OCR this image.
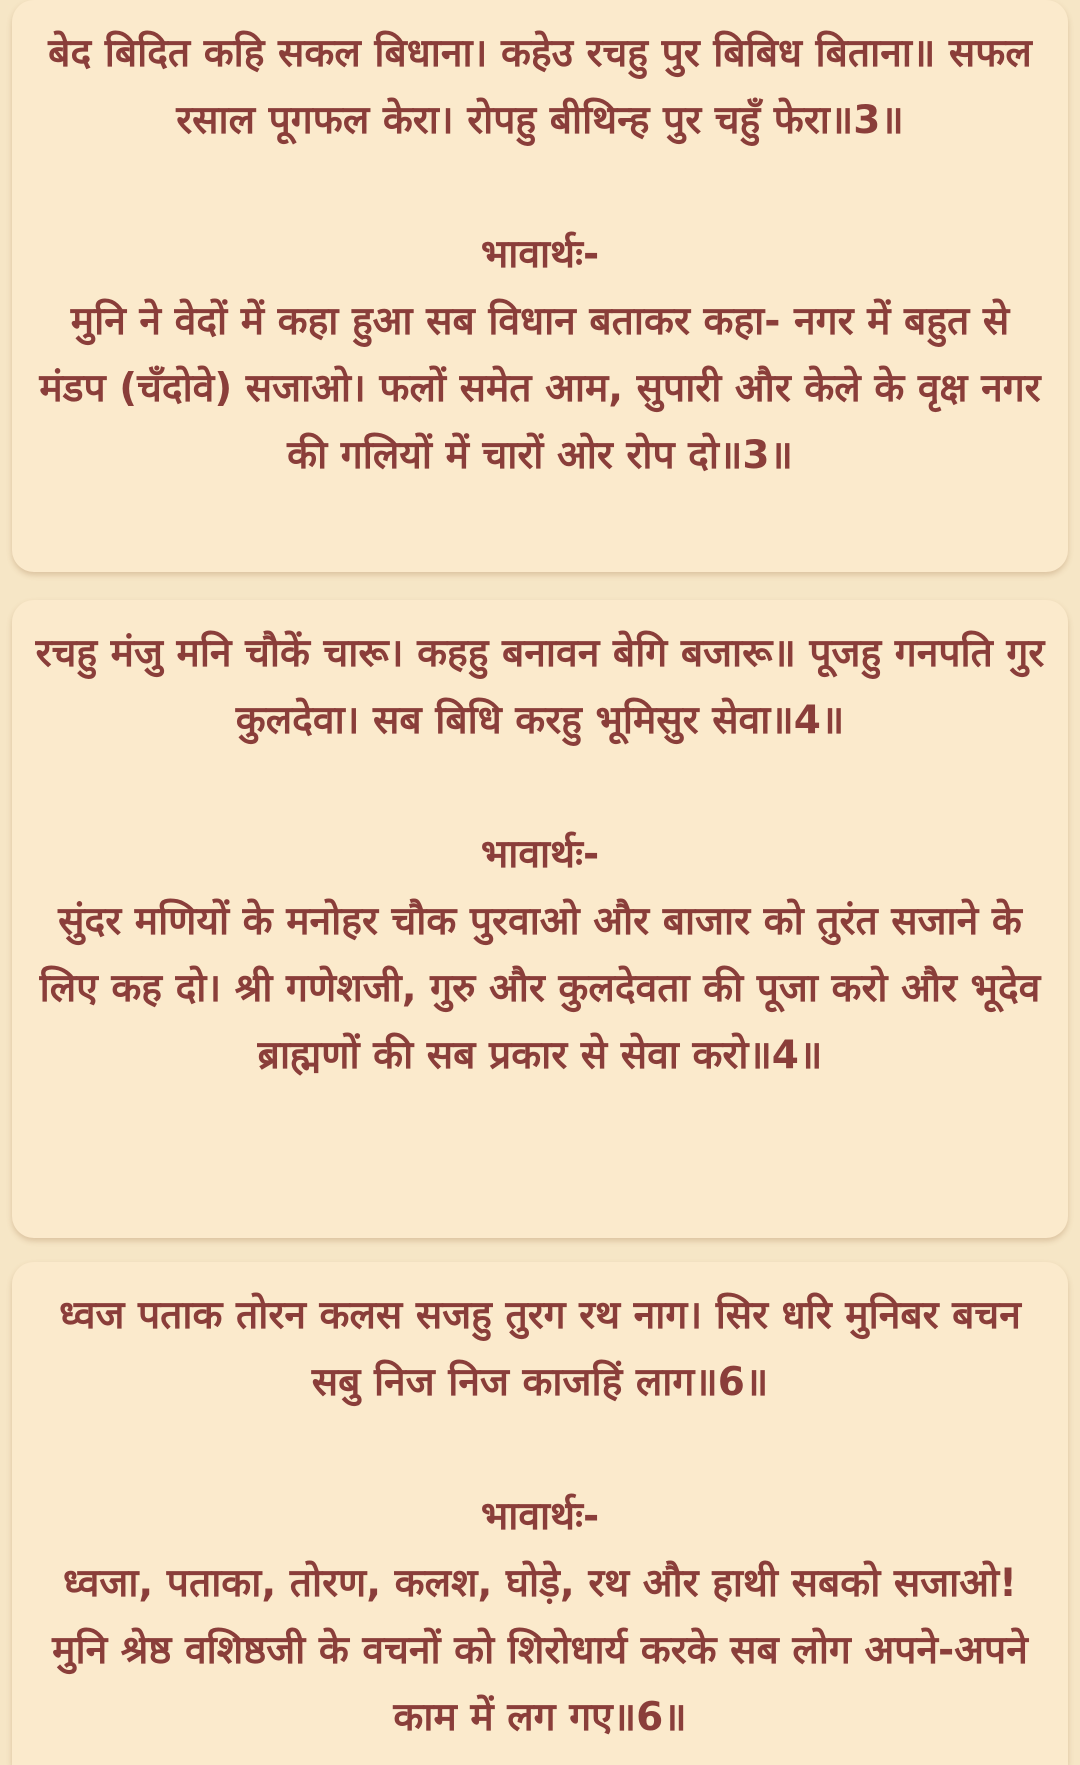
बेद बिदित कहि सकल बिधाना। कहेउ रचहु पुर बिबिध बिताना॥ सफल रसाल पूगफल केरा। रोपहु बीथिन्ह पुर चहुँ फेरा॥3॥

भावार्थः-

मुनि ने वेदों में कहा हुआ सब विधान बताकर कहा- नगर में बहुत से मंडप (चँदोवे) सजाओ। फलों समेत आम, सुपारी और केले के वृक्ष नगर की गलियों में चारों ओर रोप दो॥3॥

रचहु मंजु मनि चौकें चारू। कहहु बनावन बेगि बजारू॥ पूजहु गनपति गुर कुलदेवा। सब बिधि करहु भूमिसुर सेवा॥4॥

भावार्थः-

सुंदर मणियों के मनोहर चौक पुरवाओ और बाजार को तुरंत सजाने के लिए कह दो। श्री गणेशजी, गुरु और कुलदेवता की पूजा करो और भूदेव ब्राह्मणों की सब प्रकार से सेवा करो॥4॥

ध्वज पताक तोरन कलस सजहु तुरग रथ नाग। सिर धरि मुनिबर बचन सबु निज निज काजहिं लाग॥6॥

भावार्थः-

ध्वजा, पताका, तोरण, कलश, घोड़े, रथ और हाथी सबको सजाओ! मुनि श्रेष्ठ वशिष्ठजी के वचनों को शिरोधार्य करके सब लोग अपने-अपने काम में लग गए॥6॥
